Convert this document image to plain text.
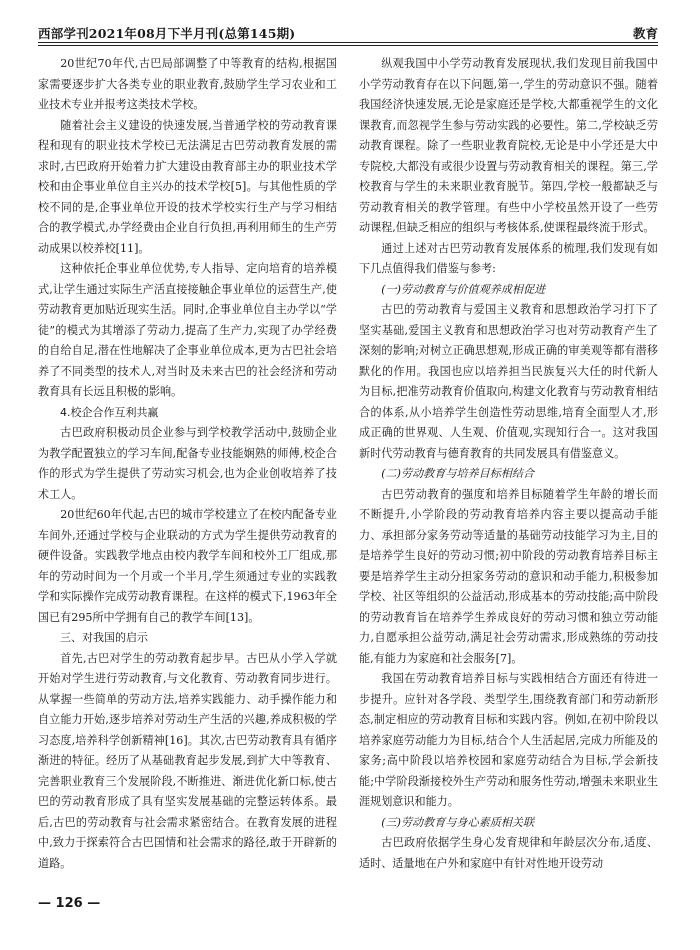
西部学刊2021年08月下半月刊(总第145期)	教育

20世纪70年代,古巴局部调整了中等教育的结构,根据国家需要逐步扩大各类专业的职业教育,鼓励学生学习农业和工业技术专业并报考这类技术学校。

随着社会主义建设的快速发展,当普通学校的劳动教育课程和现有的职业技术学校已无法满足古巴劳动教育发展的需求时,古巴政府开始着力扩大建设由教育部主办的职业技术学校和由企事业单位自主兴办的技术学校[5]。与其他性质的学校不同的是,企事业单位开设的技术学校实行生产与学习相结合的教学模式,办学经费由企业自行负担,再利用师生的生产劳动成果以校养校[11]。

这种依托企事业单位优势,专人指导、定向培育的培养模式,让学生通过实际生产活直接接触企事业单位的运营生产,使劳动教育更加贴近现实生活。同时,企事业单位自主办学以“学徒”的模式为其增添了劳动力,提高了生产力,实现了办学经费的自给自足,潜在性地解决了企事业单位成本,更为古巴社会培养了不同类型的技术人,对当时及未来古巴的社会经济和劳动教育具有长远且积极的影响。

4.校企合作互利共赢

古巴政府积极动员企业参与到学校教学活动中,鼓励企业为教学配置独立的学习车间,配备专业技能娴熟的师傅,校企合作的形式为学生提供了劳动实习机会,也为企业创收培养了技术工人。

20世纪60年代起,古巴的城市学校建立了在校内配备专业车间外,还通过学校与企业联动的方式为学生提供劳动教育的硬件设备。实践教学地点由校内教学车间和校外工厂组成,那年的劳动时间为一个月或一个半月,学生须通过专业的实践教学和实际操作完成劳动教育课程。在这样的模式下,1963年全国已有295所中学拥有自己的教学车间[13]。

三、对我国的启示

首先,古巴对学生的劳动教育起步早。古巴从小学入学就开始对学生进行劳动教育,与文化教育、劳动教育同步进行。从掌握一些简单的劳动方法,培养实践能力、动手操作能力和自立能力开始,逐步培养对劳动生产生活的兴趣,养成积极的学习态度,培养科学创新精神[16]。其次,古巴劳动教育具有循序渐进的特征。经历了从基础教育起步发展,到扩大中等教育、完善职业教育三个发展阶段,不断推进、渐进优化新口标,使古巴的劳动教育形成了具有坚实发展基础的完整运转体系。最后,古巴的劳动教育与社会需求紧密结合。在教育发展的进程中,致力于探索符合古巴国情和社会需求的路径,敢于开辟新的道路。

纵观我国中小学劳动教育发展现状,我们发现目前我国中小学劳动教育存在以下问题,第一,学生的劳动意识不强。随着我国经济快速发展,无论是家庭还是学校,大都重视学生的文化课教育,而忽视学生参与劳动实践的必要性。第二,学校缺乏劳动教育课程。除了一些职业教育院校,无论是中小学还是大中专院校,大都没有或很少设置与劳动教育相关的课程。第三,学校教育与学生的未来职业教育脱节。第四,学校一般都缺乏与劳动教育相关的教学管理。有些中小学校虽然开设了一些劳动课程,但缺乏相应的组织与考核体系,使课程最终流于形式。

通过上述对古巴劳动教育发展体系的梳理,我们发现有如下几点值得我们借鉴与参考:

(一)劳动教育与价值观养成相促进

古巴的劳动教育与爱国主义教育和思想政治学习打下了坚实基础,爱国主义教育和思想政治学习也对劳动教育产生了深刻的影响;对树立正确思想观,形成正确的审美观等都有潜移默化的作用。我国也应以培养担当民族复兴大任的时代新人为目标,把准劳动教育价值取向,构建文化教育与劳动教育相结合的体系,从小培养学生创造性劳动思维,培育全面型人才,形成正确的世界观、人生观、价值观,实现知行合一。这对我国新时代劳动教育与德育教育的共同发展具有借鉴意义。

(二)劳动教育与培养目标相结合

古巴劳动教育的强度和培养目标随着学生年龄的增长而不断提升,小学阶段的劳动教育培养内容主要以提高动手能力、承担部分家务劳动等适量的基础劳动技能学习为主,目的是培养学生良好的劳动习惯;初中阶段的劳动教育培养目标主要是培养学生主动分担家务劳动的意识和动手能力,积极参加学校、社区等组织的公益活动,形成基本的劳动技能;高中阶段的劳动教育旨在培养学生养成良好的劳动习惯和独立劳动能力,自愿承担公益劳动,满足社会劳动需求,形成熟练的劳动技能,有能力为家庭和社会服务[7]。

我国在劳动教育培养目标与实践相结合方面还有待进一步提升。应针对各学段、类型学生,围绕教育部门和劳动新形态,制定相应的劳动教育目标和实践内容。例如,在初中阶段以培养家庭劳动能力为目标,结合个人生活起居,完成力所能及的家务;高中阶段以培养校园和家庭劳动结合为目标,学会新技能;中学阶段渐接校外生产劳动和服务性劳动,增强未来职业生涯规划意识和能力。

(三)劳动教育与身心素质相关联

古巴政府依据学生身心发育规律和年龄层次分布,适度、适时、适量地在户外和家庭中有针对性地开设劳动

— 126 —
